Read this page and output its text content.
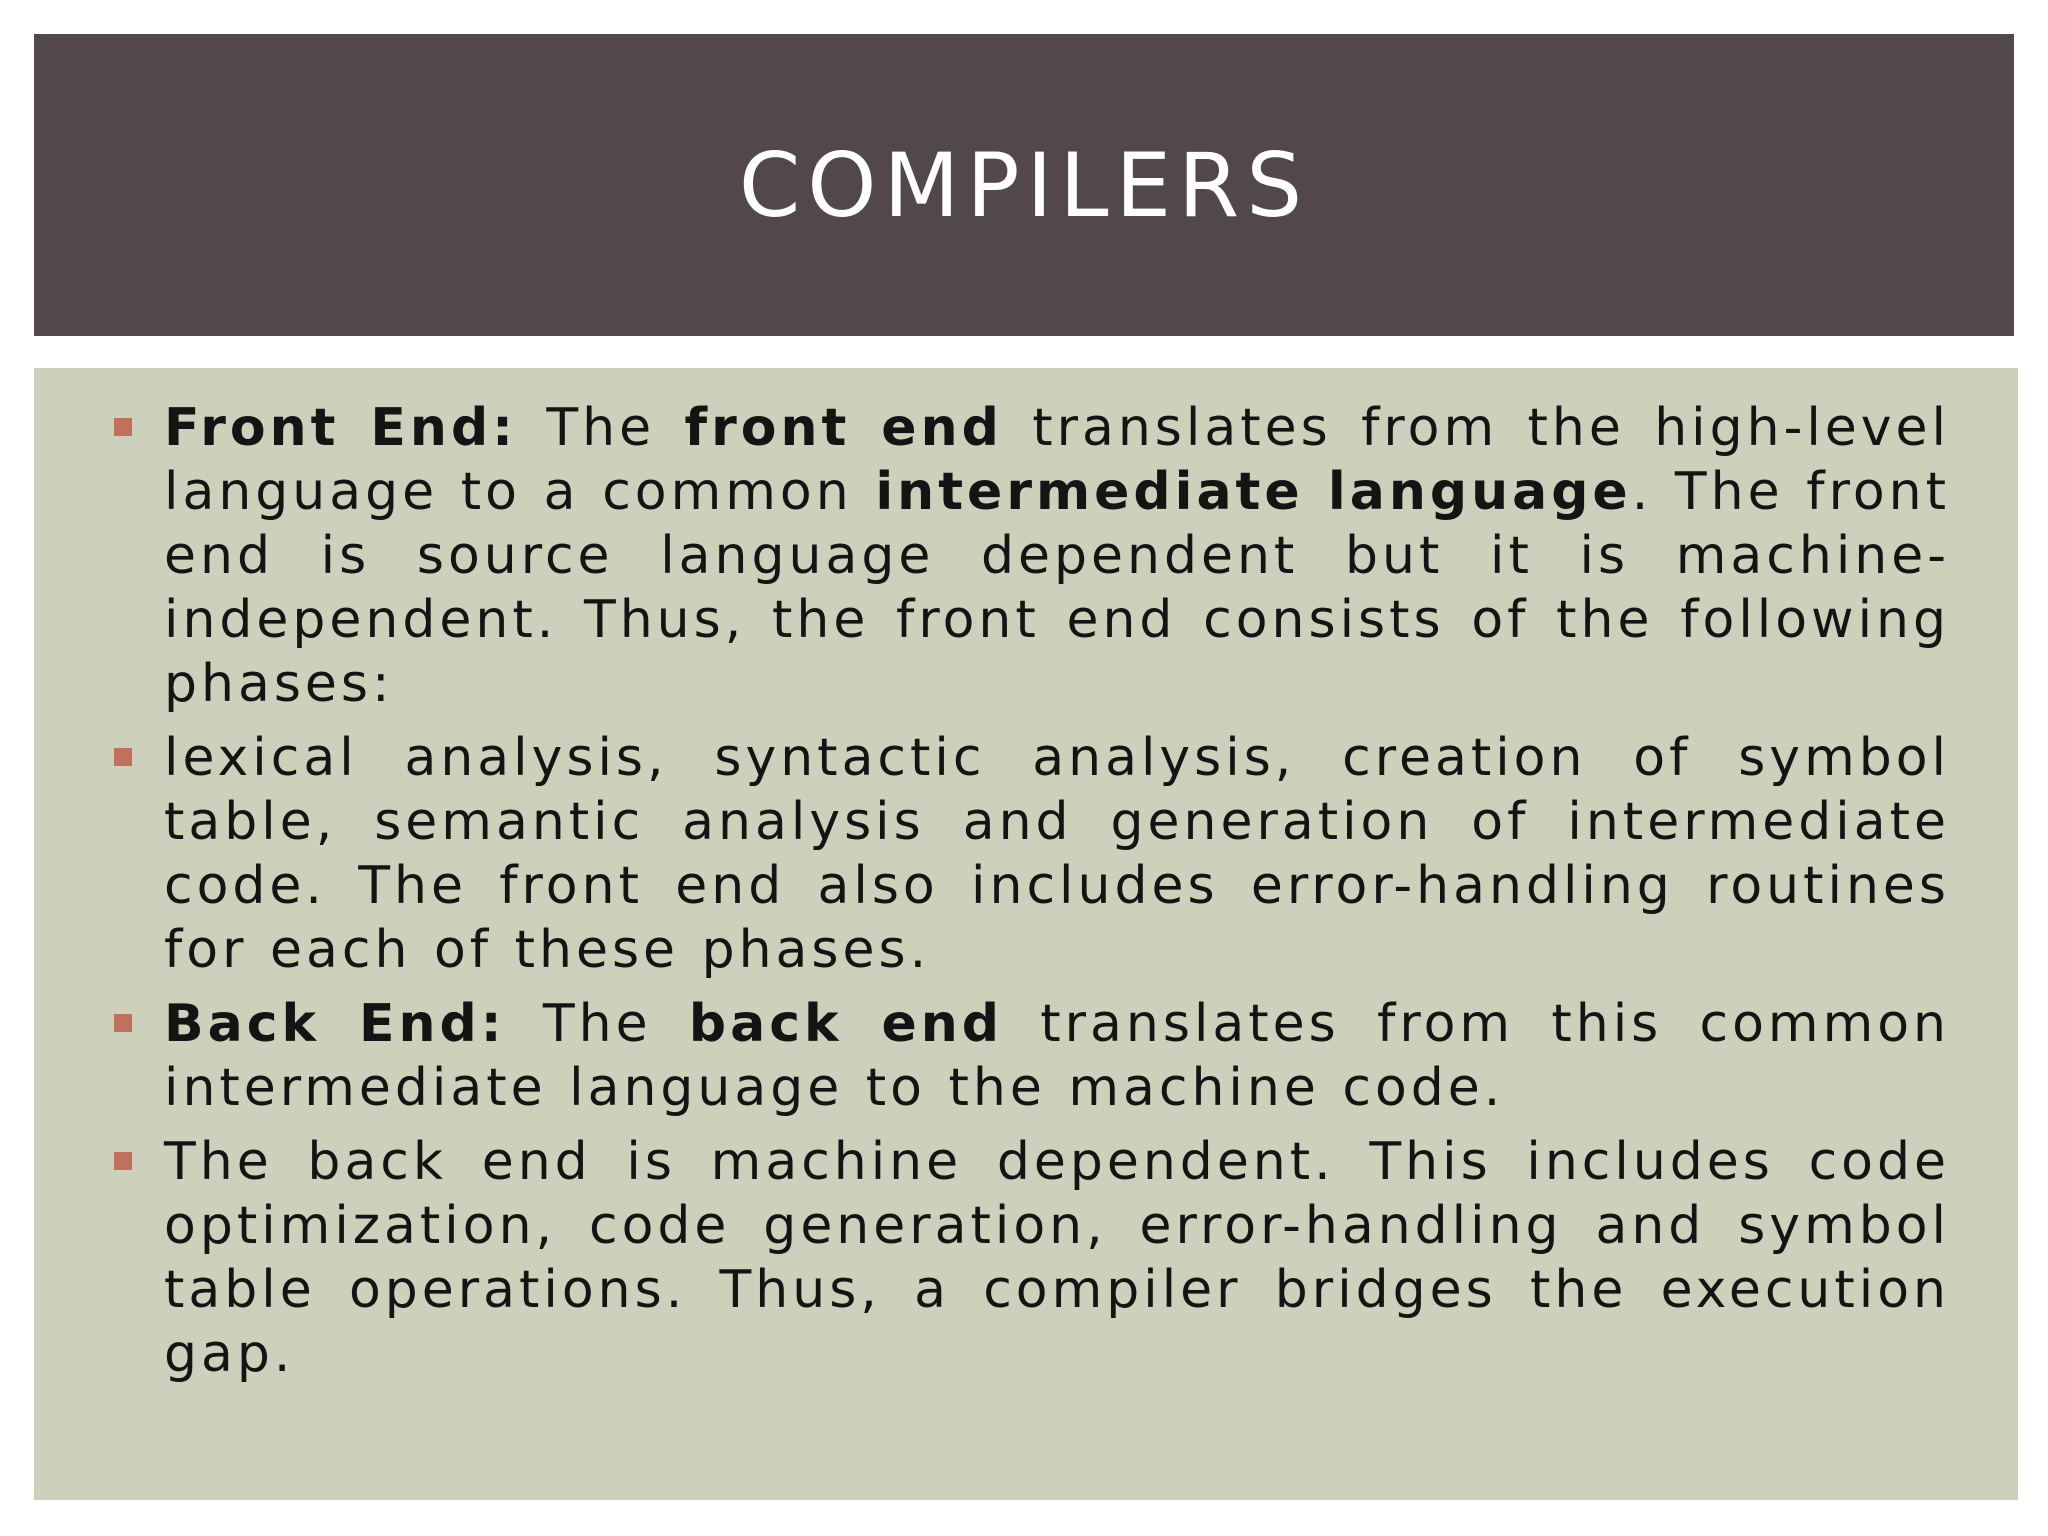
COMPILERS
Front End: The front end translates from the high-level language to a common intermediate language. The front end is source language dependent but it is machine-independent. Thus, the front end consists of the following phases:
lexical analysis, syntactic analysis, creation of symbol table, semantic analysis and generation of intermediate code. The front end also includes error-handling routines for each of these phases.
Back End: The back end translates from this common intermediate language to the machine code.
The back end is machine dependent. This includes code optimization, code generation, error-handling and symbol table operations. Thus, a compiler bridges the execution gap.
